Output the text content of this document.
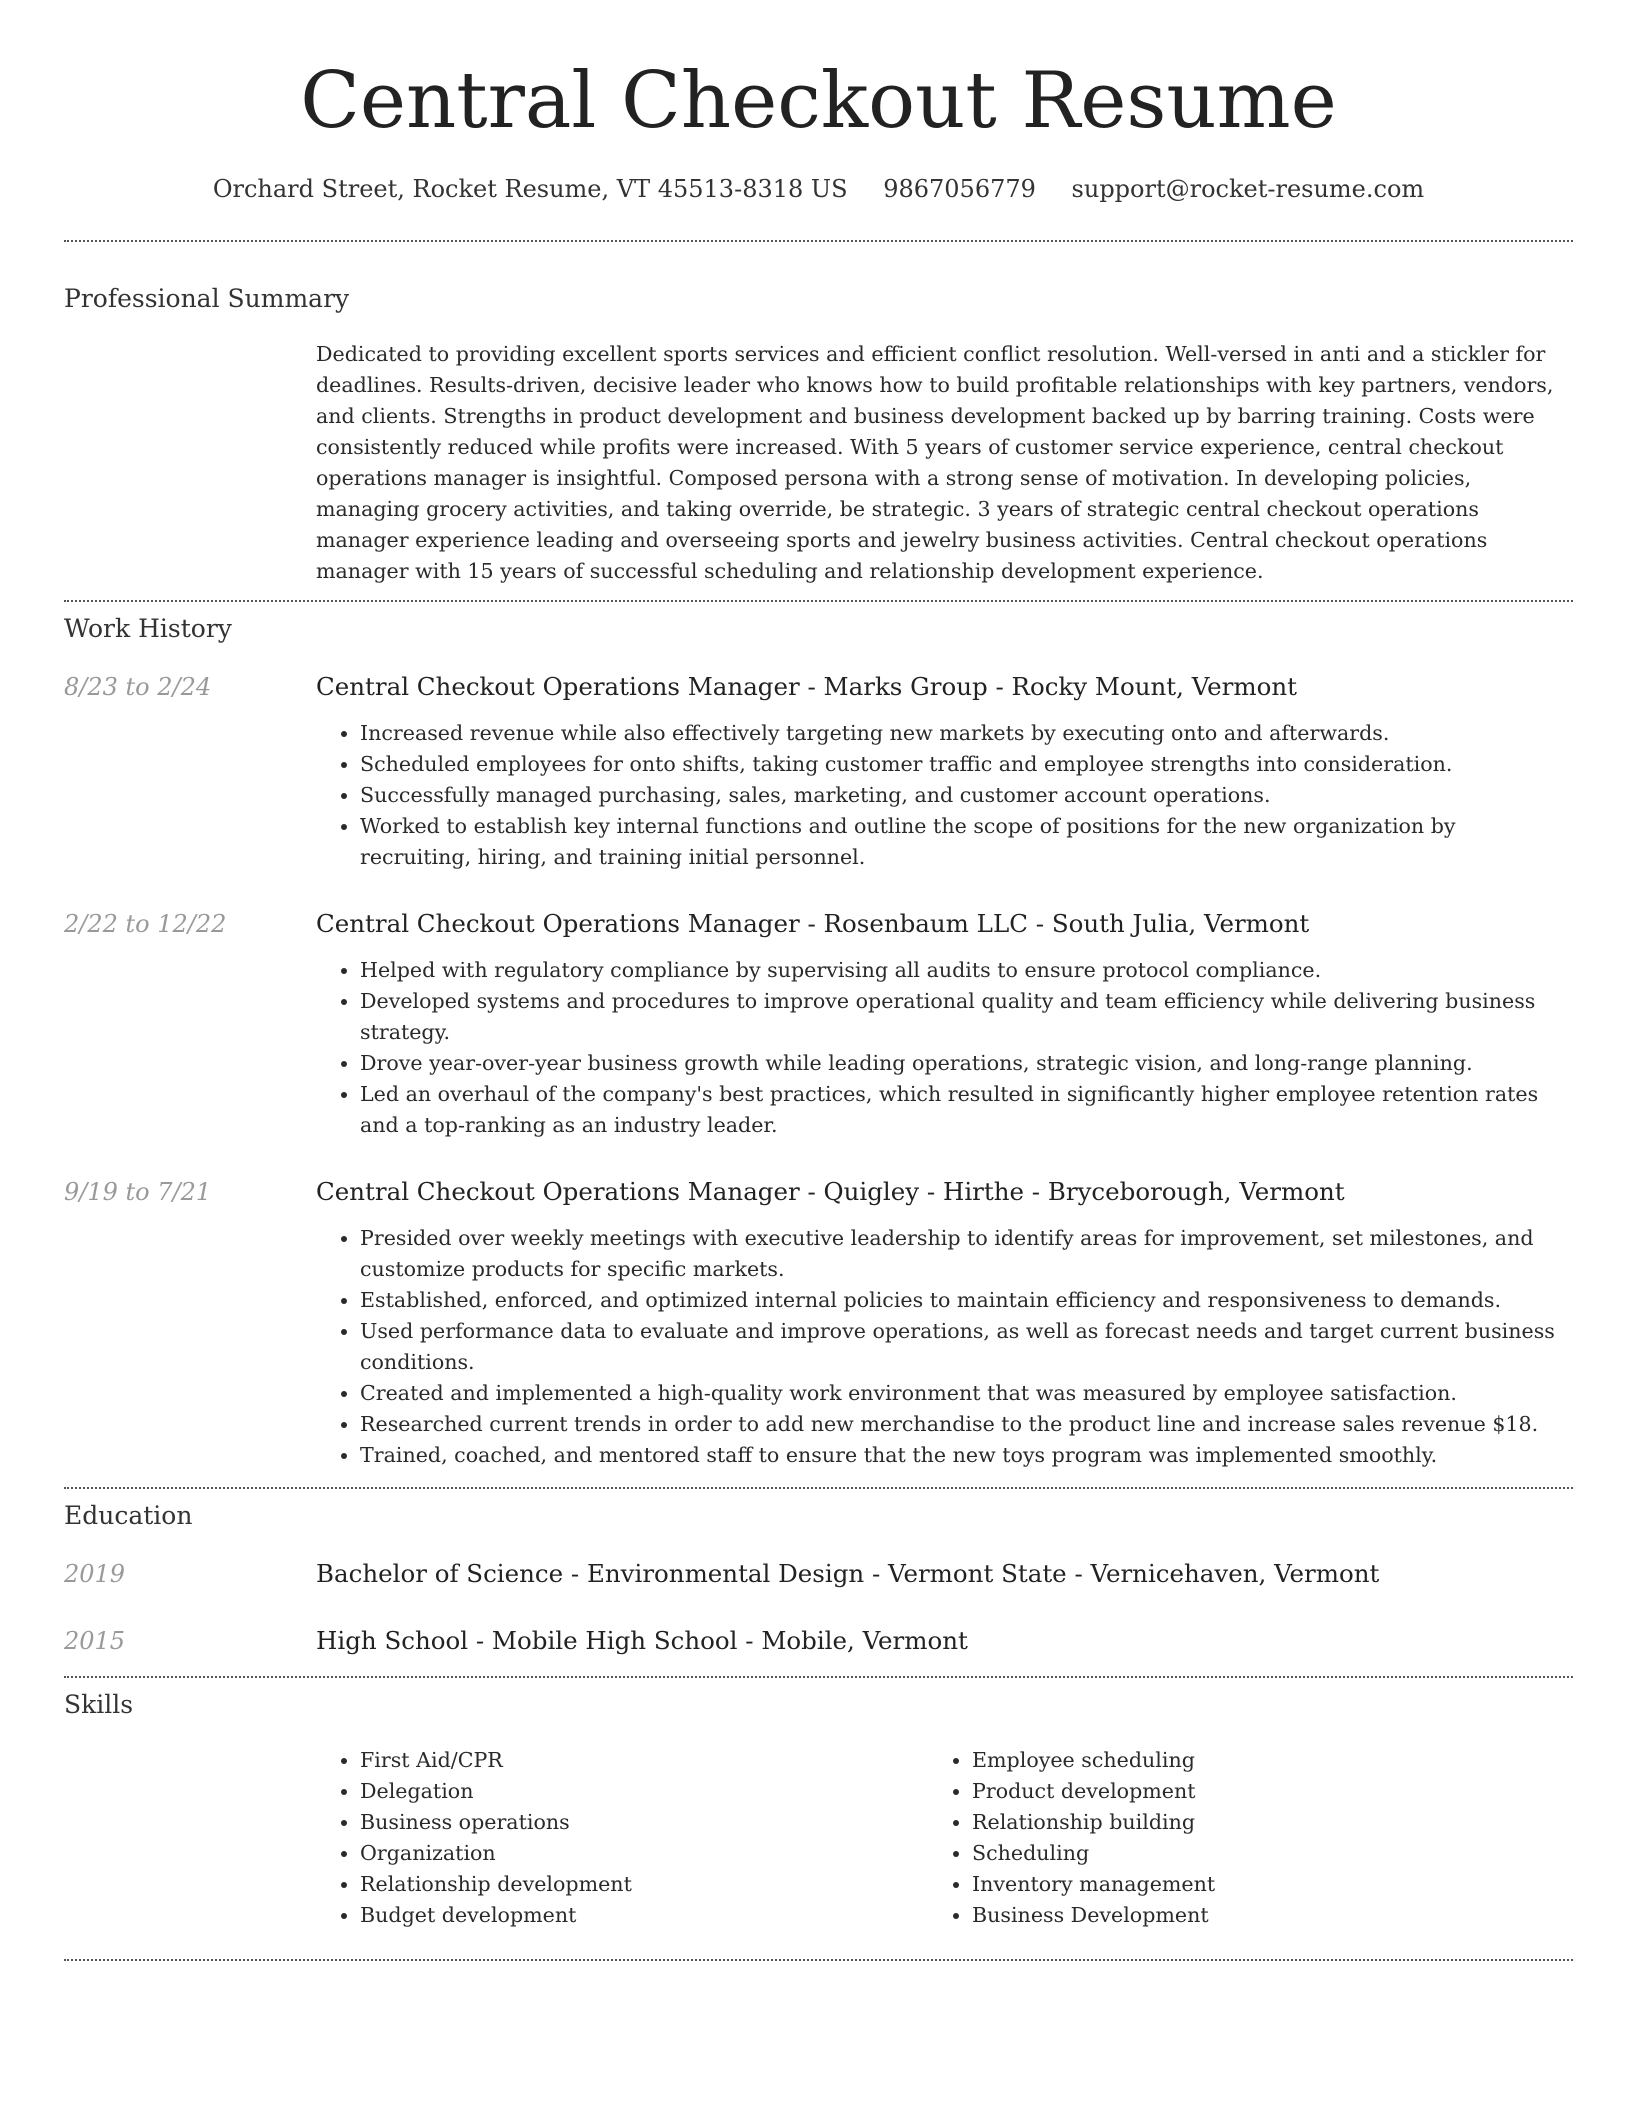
Central Checkout Resume
Orchard Street, Rocket Resume, VT 45513-8318 US 9867056779 support@rocket-resume.com
Professional Summary
Dedicated to providing excellent sports services and efficient conflict resolution. Well-versed in anti and a stickler for deadlines. Results-driven, decisive leader who knows how to build profitable relationships with key partners, vendors, and clients. Strengths in product development and business development backed up by barring training. Costs were consistently reduced while profits were increased. With 5 years of customer service experience, central checkout operations manager is insightful. Composed persona with a strong sense of motivation. In developing policies, managing grocery activities, and taking override, be strategic. 3 years of strategic central checkout operations manager experience leading and overseeing sports and jewelry business activities. Central checkout operations manager with 15 years of successful scheduling and relationship development experience.
Work History
8/23 to 2/24	Central Checkout Operations Manager - Marks Group - Rocky Mount, Vermont
• Increased revenue while also effectively targeting new markets by executing onto and afterwards.
• Scheduled employees for onto shifts, taking customer traffic and employee strengths into consideration.
• Successfully managed purchasing, sales, marketing, and customer account operations.
• Worked to establish key internal functions and outline the scope of positions for the new organization by recruiting, hiring, and training initial personnel.
2/22 to 12/22	Central Checkout Operations Manager - Rosenbaum LLC - South Julia, Vermont
• Helped with regulatory compliance by supervising all audits to ensure protocol compliance.
• Developed systems and procedures to improve operational quality and team efficiency while delivering business strategy.
• Drove year-over-year business growth while leading operations, strategic vision, and long-range planning.
• Led an overhaul of the company's best practices, which resulted in significantly higher employee retention rates and a top-ranking as an industry leader.
9/19 to 7/21	Central Checkout Operations Manager - Quigley - Hirthe - Bryceborough, Vermont
• Presided over weekly meetings with executive leadership to identify areas for improvement, set milestones, and customize products for specific markets.
• Established, enforced, and optimized internal policies to maintain efficiency and responsiveness to demands.
• Used performance data to evaluate and improve operations, as well as forecast needs and target current business conditions.
• Created and implemented a high-quality work environment that was measured by employee satisfaction.
• Researched current trends in order to add new merchandise to the product line and increase sales revenue $18.
• Trained, coached, and mentored staff to ensure that the new toys program was implemented smoothly.
Education
2019	Bachelor of Science - Environmental Design - Vermont State - Vernicehaven, Vermont
2015	High School - Mobile High School - Mobile, Vermont
Skills
• First Aid/CPR
• Delegation
• Business operations
• Organization
• Relationship development
• Budget development
• Employee scheduling
• Product development
• Relationship building
• Scheduling
• Inventory management
• Business Development
